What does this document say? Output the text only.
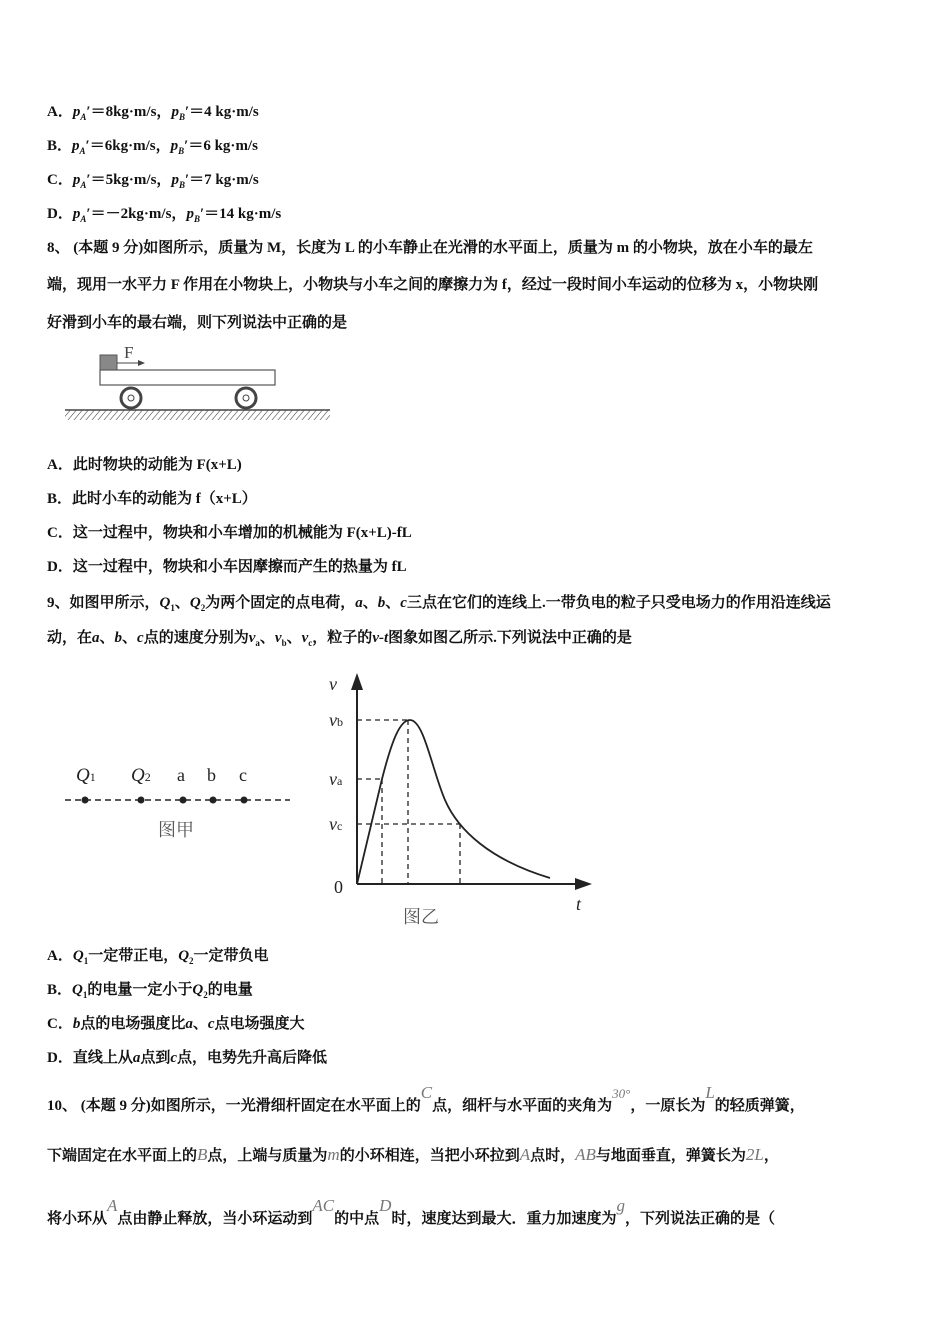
A．$p_A'=8kg\cdot m/s$，$p_B'=4$ kg·m/s
B．$p_A'=6kg\cdot m/s$，$p_B'=6$ kg·m/s
C．$p_A'=5kg\cdot m/s$，$p_B'=7$ kg·m/s
D．$p_A'=-2kg\cdot m/s$，$p_B'=14$ kg·m/s
8、 (本题 9 分)如图所示，质量为 M，长度为 L 的小车静止在光滑的水平面上，质量为 m 的小物块，放在小车的最左
端，现用一水平力 F 作用在小物块上，小物块与小车之间的摩擦力为 f，经过一段时间小车运动的位移为 x，小物块刚
好滑到小车的最右端，则下列说法中正确的是
F
Q1 Q2 a b c
图甲
v
vb
va
vc
0
t
图乙
A．此时物块的动能为 F(x+L)
B．此时小车的动能为 f（x+L）
C．这一过程中，物块和小车增加的机械能为 F(x+L)-fL
D．这一过程中，物块和小车因摩擦而产生的热量为 fL
9、如图甲所示，$Q_1$、$Q_2$为两个固定的点电荷，a、b、c三点在它们的连线上.一带负电的粒子只受电场力的作用沿连线运
动，在a、b、c点的速度分别为$v_a$、$v_b$、$v_c$，粒子的v-t图象如图乙所示.下列说法中正确的是
A．$Q_1$一定带正电，$Q_2$一定带负电
B．$Q_1$的电量一定小于$Q_2$的电量
C．b点的电场强度比a、c点电场强度大
D．直线上从a点到c点，电势先升高后降低
10、 (本题 9 分)如图所示，一光滑细杆固定在水平面上的C点，细杆与水平面的夹角为30°，一原长为L的轻质弹簧，
下端固定在水平面上的B点，上端与质量为m的小环相连，当把小环拉到A点时，AB与地面垂直，弹簧长为2L，
将小环从A点由静止释放，当小环运动到AC的中点D时，速度达到最大．重力加速度为g，下列说法正确的是（
